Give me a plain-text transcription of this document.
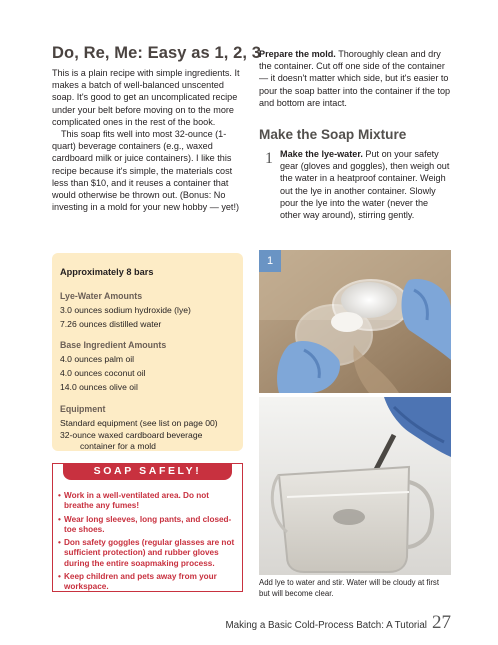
Do, Re, Me: Easy as 1, 2, 3

This is a plain recipe with simple ingredients. It makes a batch of well-balanced unscented soap. It's good to get an uncomplicated recipe under your belt before moving on to the more complicated ones in the rest of the book.

This soap fits well into most 32-ounce (1-quart) beverage containers (e.g., waxed cardboard milk or juice containers). I like this recipe because it's simple, the materials cost less than $10, and it reuses a container that would otherwise be thrown out. (Bonus: No investing in a mold for your new hobby — yet!)

Approximately 8 bars

Lye-Water Amounts

3.0 ounces sodium hydroxide (lye)

7.26 ounces distilled water

Base Ingredient Amounts

4.0 ounces palm oil

4.0 ounces coconut oil

14.0 ounces olive oil

Equipment

Standard equipment (see list on page 00)

32-ounce waxed cardboard beverage container for a mold

SOAP SAFELY!
• Work in a well-ventilated area. Do not breathe any fumes!
• Wear long sleeves, long pants, and closed-toe shoes.
• Don safety goggles (regular glasses are not sufficient protection) and rubber gloves during the entire soapmaking process.
• Keep children and pets away from your workspace.

Prepare the mold. Thoroughly clean and dry the container. Cut off one side of the container — it doesn't matter which side, but it's easier to pour the soap batter into the container if the top and bottom are intact.

Make the Soap Mixture
1 Make the lye-water. Put on your safety gear (gloves and goggles), then weigh out the water in a heatproof container. Weigh out the lye in another container. Slowly pour the lye into the water (never the other way around), stirring gently.

1

Add lye to water and stir. Water will be cloudy at first but will become clear.

Making a Basic Cold-Process Batch: A Tutorial 27
